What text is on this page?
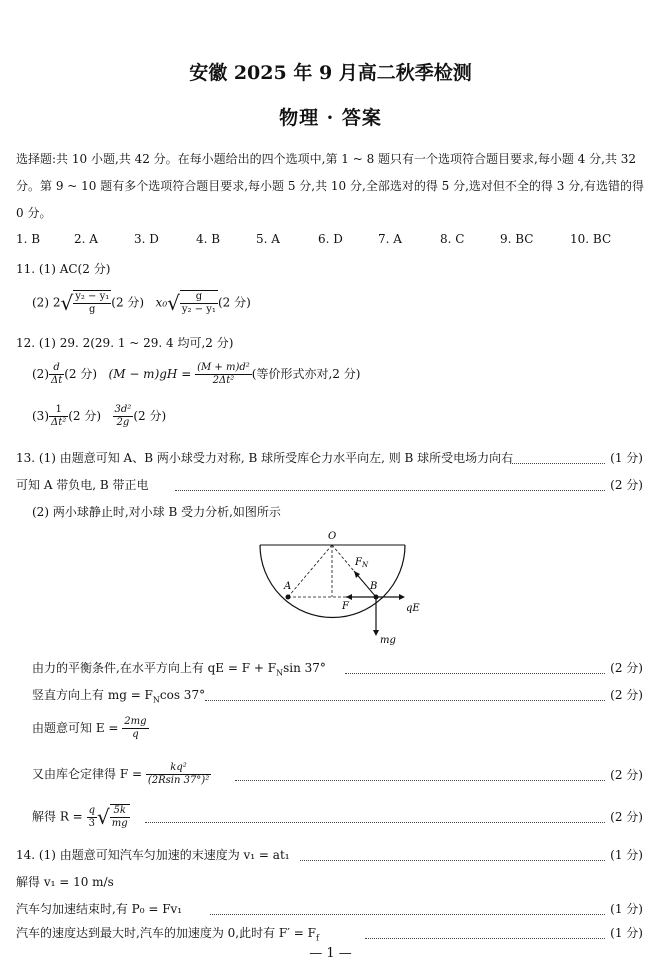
安徽 2025 年 9 月高二秋季检测
物理 · 答案
选择题:共 10 小题,共 42 分。在每小题给出的四个选项中,第 1 ~ 8 题只有一个选项符合题目要求,每小题 4 分,共 32 分。第 9 ~ 10 题有多个选项符合题目要求,每小题 5 分,共 10 分,全部选对的得 5 分,选对但不全的得 3 分,有选错的得 0 分。
1. B	2. A	3. D	4. B	5. A	6. D	7. A	8. C	9. BC	10. BC
11. (1) AC(2 分)
(2) $2√ \frac{\text{y₂ − y₁}}{g} (2$ 分) $x_0√ \frac{g}{\text{y₂ − y₁}} (2$ 分)
12. (1) 29. 2(29. 1 ~ 29. 4 均可,2 分)
$(2) \frac{d}{\Delta t} (2$ 分) $(M - m)gH = \frac{\text{(M + m)d²}}{\text{2Δt²}}$ (等价形式亦对,2 分)
$(3) \frac{1}{\text{Δt²}} (2$ 分) $\frac{\text{3d²}}{2g} (2$ 分)
13. (1) 由题意可知 A、B 两小球受力对称, B 球所受库仑力水平向左, 则 B 球所受电场力向右	(1 分)
可知 A 带负电, B 带正电	(2 分)
(2) 两小球静止时,对小球 B 受力分析,如图所示
O
A	B
$F_N$
F	qE
mg
由力的平衡条件,在水平方向上有 qE = $F + F_N\sin$ 37°	(2 分)
竖直方向上有 mg = $F_N\cos$ 37°	(2 分)
由题意可知 $E = \frac{2mg}{q}$
又由库仑定律得 $F = \frac{\text{kq²}}{\text{(2Rsin 37°)²}}$	(2 分)
解得 $R = \frac{q}{3}$ √ $\frac{5k}{mg}$	(2 分)
14. (1) 由题意可知汽车匀加速的末速度为 v₁ = at₁	(1 分)
解得 v₁ = 10 m/s
汽车匀加速结束时,有 P₀ = Fv₁	(1 分)
汽车的速度达到最大时,汽车的加速度为 0,此时有 $F' = F_f$	(1 分)
— 1 —
